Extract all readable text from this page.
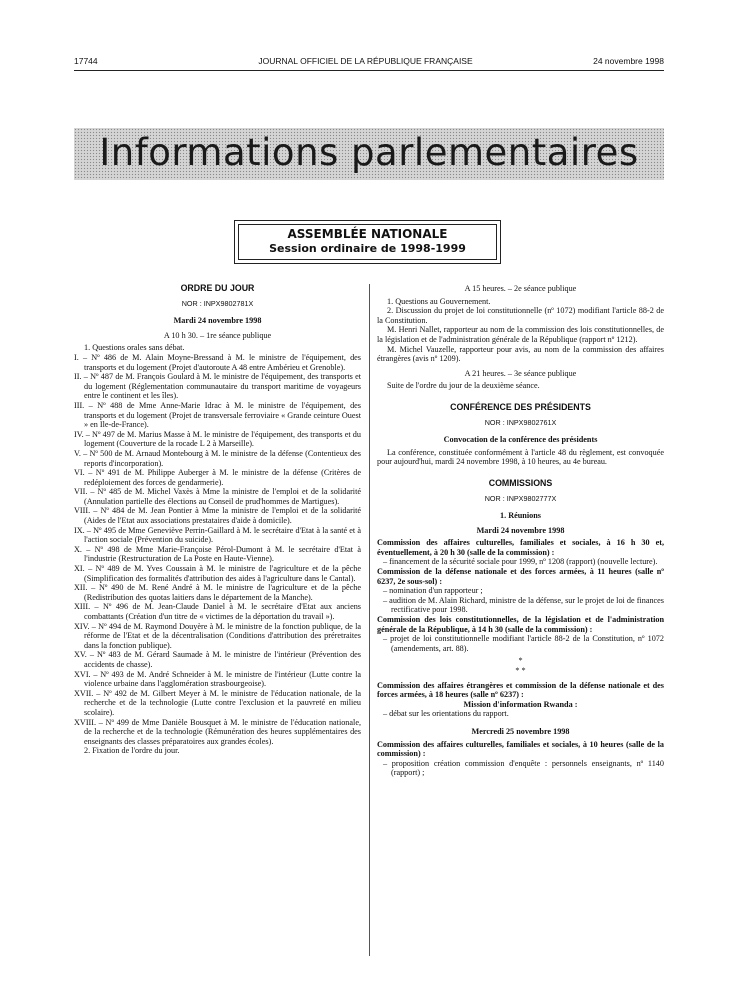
17744	JOURNAL OFFICIEL DE LA RÉPUBLIQUE FRANÇAISE	24 novembre 1998
Informations parlementaires
ASSEMBLÉE NATIONALE
Session ordinaire de 1998-1999

ORDRE DU JOUR

NOR : INPX9802781X

Mardi 24 novembre 1998

A 10 h 30. – 1re séance publique

1. Questions orales sans débat.

I. – Nº 486 de M. Alain Moyne-Bressand à M. le ministre de l'équipement, des transports et du logement (Projet d'autoroute A 48 entre Ambérieu et Grenoble).

II. – Nº 487 de M. François Goulard à M. le ministre de l'équipement, des transports et du logement (Réglementation communautaire du transport maritime de voyageurs entre le continent et les îles).

III. – Nº 488 de Mme Anne-Marie Idrac à M. le ministre de l'équipement, des transports et du logement (Projet de transversale ferroviaire « Grande ceinture Ouest » en Ile-de-France).

IV. – Nº 497 de M. Marius Masse à M. le ministre de l'équipement, des transports et du logement (Couverture de la rocade L 2 à Marseille).

V. – Nº 500 de M. Arnaud Montebourg à M. le ministre de la défense (Contentieux des reports d'incorporation).

VI. – Nº 491 de M. Philippe Auberger à M. le ministre de la défense (Critères de redéploiement des forces de gendarmerie).

VII. – Nº 485 de M. Michel Vaxès à Mme la ministre de l'emploi et de la solidarité (Annulation partielle des élections au Conseil de prud'hommes de Martigues).

VIII. – Nº 484 de M. Jean Pontier à Mme la ministre de l'emploi et de la solidarité (Aides de l'Etat aux associations prestataires d'aide à domicile).

IX. – Nº 495 de Mme Geneviève Perrin-Gaillard à M. le secrétaire d'Etat à la santé et à l'action sociale (Prévention du suicide).

X. – Nº 498 de Mme Marie-Françoise Pérol-Dumont à M. le secrétaire d'Etat à l'industrie (Restructuration de La Poste en Haute-Vienne).

XI. – Nº 489 de M. Yves Coussain à M. le ministre de l'agriculture et de la pêche (Simplification des formalités d'attribution des aides à l'agriculture dans le Cantal).

XII. – Nº 490 de M. René André à M. le ministre de l'agriculture et de la pêche (Redistribution des quotas laitiers dans le département de la Manche).

XIII. – Nº 496 de M. Jean-Claude Daniel à M. le secrétaire d'Etat aux anciens combattants (Création d'un titre de « victimes de la déportation du travail »).

XIV. – Nº 494 de M. Raymond Douyère à M. le ministre de la fonction publique, de la réforme de l'Etat et de la décentralisation (Conditions d'attribution des préretraites dans la fonction publique).

XV. – Nº 483 de M. Gérard Saumade à M. le ministre de l'intérieur (Prévention des accidents de chasse).

XVI. – Nº 493 de M. André Schneider à M. le ministre de l'intérieur (Lutte contre la violence urbaine dans l'agglomération strasbourgeoise).

XVII. – Nº 492 de M. Gilbert Meyer à M. le ministre de l'éducation nationale, de la recherche et de la technologie (Lutte contre l'exclusion et la pauvreté en milieu scolaire).

XVIII. – Nº 499 de Mme Danièle Bousquet à M. le ministre de l'éducation nationale, de la recherche et de la technologie (Rémunération des heures supplémentaires des enseignants des classes préparatoires aux grandes écoles).

2. Fixation de l'ordre du jour.

A 15 heures. – 2e séance publique

1. Questions au Gouvernement.

2. Discussion du projet de loi constitutionnelle (nº 1072) modifiant l'article 88-2 de la Constitution.

M. Henri Nallet, rapporteur au nom de la commission des lois constitutionnelles, de la législation et de l'administration générale de la République (rapport nº 1212).

M. Michel Vauzelle, rapporteur pour avis, au nom de la commission des affaires étrangères (avis nº 1209).

A 21 heures. – 3e séance publique

Suite de l'ordre du jour de la deuxième séance.

CONFÉRENCE DES PRÉSIDENTS

NOR : INPX9802761X

Convocation de la conférence des présidents

La conférence, constituée conformément à l'article 48 du règlement, est convoquée pour aujourd'hui, mardi 24 novembre 1998, à 10 heures, au 4e bureau.

COMMISSIONS

NOR : INPX9802777X

1. Réunions

Mardi 24 novembre 1998

Commission des affaires culturelles, familiales et sociales, à 16 h 30 et, éventuellement, à 20 h 30 (salle de la commission) :

– financement de la sécurité sociale pour 1999, nº 1208 (rapport) (nouvelle lecture).

Commission de la défense nationale et des forces armées, à 11 heures (salle nº 6237, 2e sous-sol) :

– nomination d'un rapporteur ;

– audition de M. Alain Richard, ministre de la défense, sur le projet de loi de finances rectificative pour 1998.

Commission des lois constitutionnelles, de la législation et de l'administration générale de la République, à 14 h 30 (salle de la commission) :

– projet de loi constitutionnelle modifiant l'article 88-2 de la Constitution, nº 1072 (amendements, art. 88).

*

* *

Commission des affaires étrangères et commission de la défense nationale et des forces armées, à 18 heures (salle nº 6237) :

Mission d'information Rwanda :

– débat sur les orientations du rapport.

Mercredi 25 novembre 1998

Commission des affaires culturelles, familiales et sociales, à 10 heures (salle de la commission) :

– proposition création commission d'enquête : personnels enseignants, nº 1140 (rapport) ;
